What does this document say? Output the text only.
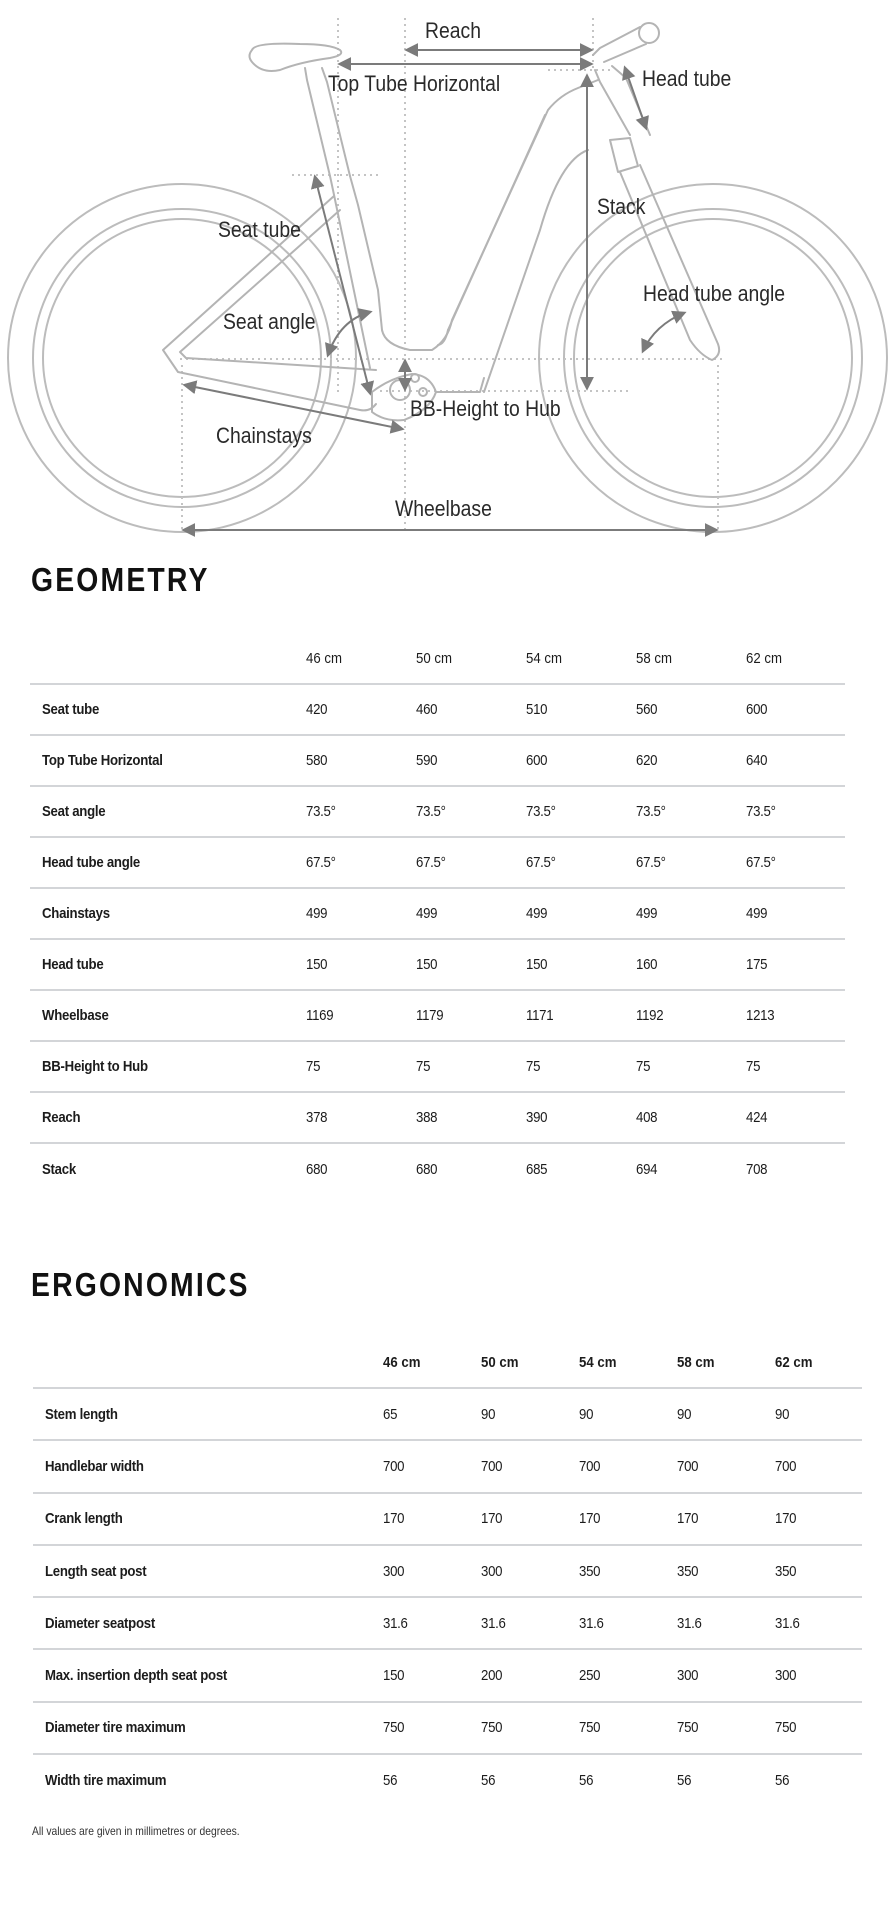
Reach
Top Tube Horizontal	Head tube
Stack
Seat tube
Seat angle
Head tube angle
Chainstays
BB-Height to Hub
Wheelbase
GEOMETRY
	46 cm	50 cm	54 cm	58 cm	62 cm
Seat tube	420	460	510	560	600
Top Tube Horizontal	580	590	600	620	640
Seat angle	73.5°	73.5°	73.5°	73.5°	73.5°
Head tube angle	67.5°	67.5°	67.5°	67.5°	67.5°
Chainstays	499	499	499	499	499
Head tube	150	150	150	160	175
Wheelbase	1169	1179	1171	1192	1213
BB-Height to Hub	75	75	75	75	75
Reach	378	388	390	408	424
Stack	680	680	685	694	708
ERGONOMICS
	46 cm	50 cm	54 cm	58 cm	62 cm
Stem length	65	90	90	90	90
Handlebar width	700	700	700	700	700
Crank length	170	170	170	170	170
Length seat post	300	300	350	350	350
Diameter seatpost	31.6	31.6	31.6	31.6	31.6
Max. insertion depth seat post	150	200	250	300	300
Diameter tire maximum	750	750	750	750	750
Width tire maximum	56	56	56	56	56

All values are given in millimetres or degrees.
